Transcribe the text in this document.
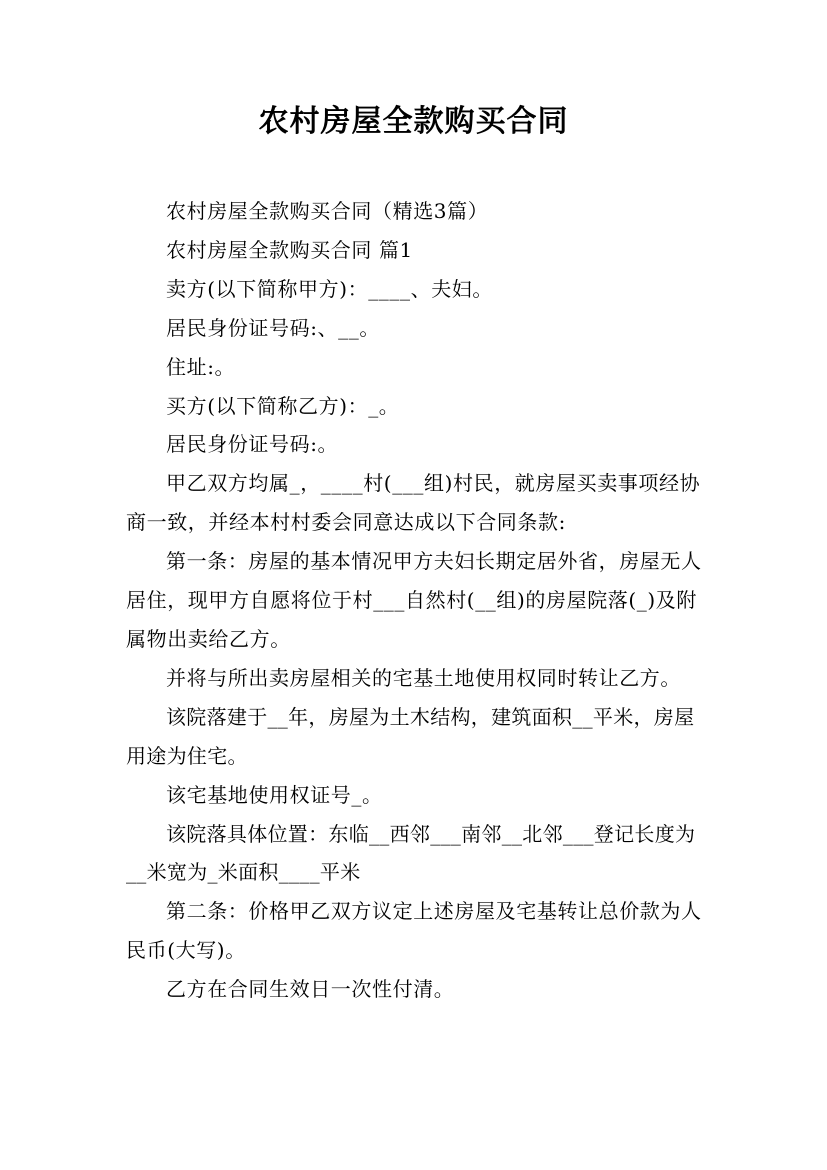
农村房屋全款购买合同

农村房屋全款购买合同（精选3篇）

农村房屋全款购买合同 篇1

卖方(以下简称甲方)：____、夫妇。

居民身份证号码:、__。

住址:。

买方(以下简称乙方)：_。

居民身份证号码:。

甲乙双方均属_，____村(___组)村民，就房屋买卖事项经协商一致，并经本村村委会同意达成以下合同条款:

第一条：房屋的基本情况甲方夫妇长期定居外省，房屋无人居住，现甲方自愿将位于村___自然村(__组)的房屋院落(_)及附属物出卖给乙方。

并将与所出卖房屋相关的宅基土地使用权同时转让乙方。

该院落建于__年，房屋为土木结构，建筑面积__平米，房屋用途为住宅。

该宅基地使用权证号_。

该院落具体位置：东临__西邻___南邻__北邻___登记长度为__米宽为_米面积____平米

第二条：价格甲乙双方议定上述房屋及宅基转让总价款为人民币(大写)。

乙方在合同生效日一次性付清。
